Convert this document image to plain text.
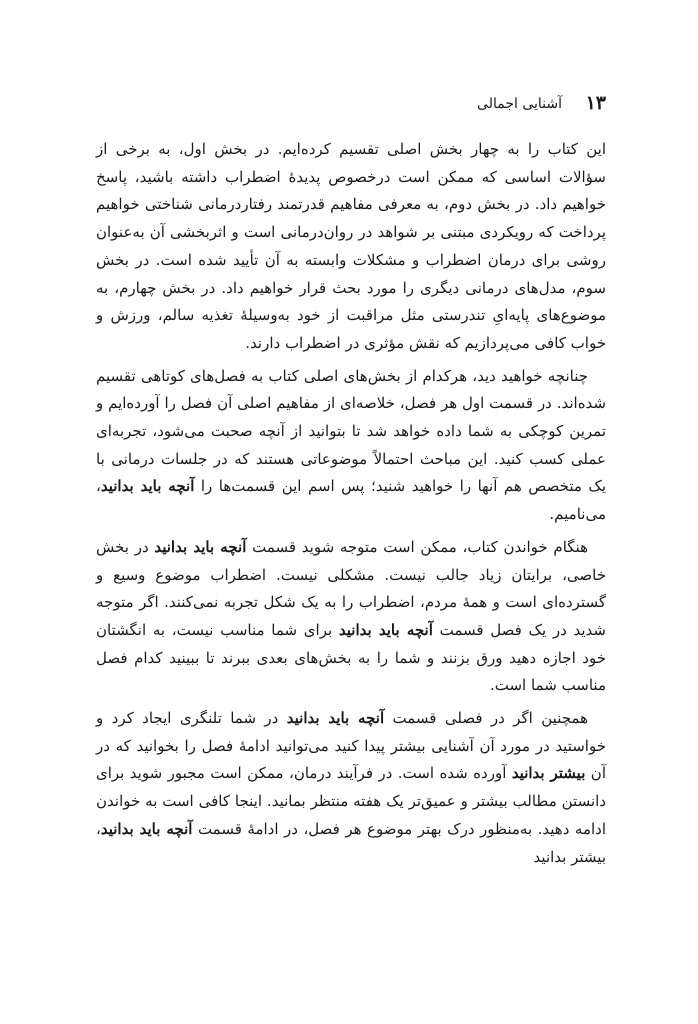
۱۳
آشنایی اجمالی

این کتاب را به چهار بخش اصلی تقسیم کرده‌ایم. در بخش اول، به برخی از سؤالات اساسی که ممکن است درخصوص پدیدهٔ اضطراب داشته باشید، پاسخ خواهیم داد. در بخش دوم، به معرفی مفاهیم قدرتمند رفتاردرمانی شناختی خواهیم پرداخت که رویکردی مبتنی بر شواهد در روان‌درمانی است و اثربخشی آن به‌عنوان روشی برای درمان اضطراب و مشکلات وابسته به آن تأیید شده است. در بخش سوم، مدل‌های درمانی دیگری را مورد بحث قرار خواهیم داد. در بخش چهارم، به موضوع‌های پایه‌ایِ تندرستی مثل مراقبت از خود به‌وسیلهٔ تغذیه سالم، ورزش و خواب کافی می‌پردازیم که نقش مؤثری در اضطراب دارند.

چنانچه خواهید دید، هرکدام از بخش‌های اصلی کتاب به فصل‌های کوتاهی تقسیم شده‌اند. در قسمت اول هر فصل، خلاصه‌ای از مفاهیم اصلی آن فصل را آورده‌ایم و تمرین کوچکی به شما داده خواهد شد تا بتوانید از آنچه صحبت می‌شود، تجربه‌ای عملی کسب کنید. این مباحث احتمالاً موضوعاتی هستند که در جلسات درمانی با یک متخصص هم آنها را خواهید شنید؛ پس اسم این قسمت‌ها را آنچه باید بدانید، می‌نامیم.

هنگام خواندن کتاب، ممکن است متوجه شوید قسمت آنچه باید بدانید در بخش خاصی، برایتان زیاد جالب نیست. مشکلی نیست. اضطراب موضوع وسیع و گسترده‌ای است و همهٔ مردم، اضطراب را به یک شکل تجربه نمی‌کنند. اگر متوجه شدید در یک فصل قسمت آنچه باید بدانید برای شما مناسب نیست، به انگشتان خود اجازه دهید ورق بزنند و شما را به بخش‌های بعدی ببرند تا ببینید کدام فصل مناسب شما است.

همچنین اگر در فصلی قسمت آنچه باید بدانید در شما تلنگری ایجاد کرد و خواستید در مورد آن آشنایی بیشتر پیدا کنید می‌توانید ادامهٔ فصل را بخوانید که در آن بیشتر بدانید آورده شده است. در فرآیند درمان، ممکن است مجبور شوید برای دانستن مطالب بیشتر و عمیق‌تر یک هفته منتظر بمانید. اینجا کافی است به خواندن ادامه دهید. به‌منظور درک بهتر موضوع هر فصل، در ادامهٔ قسمت آنچه باید بدانید، بیشتر بدانید
